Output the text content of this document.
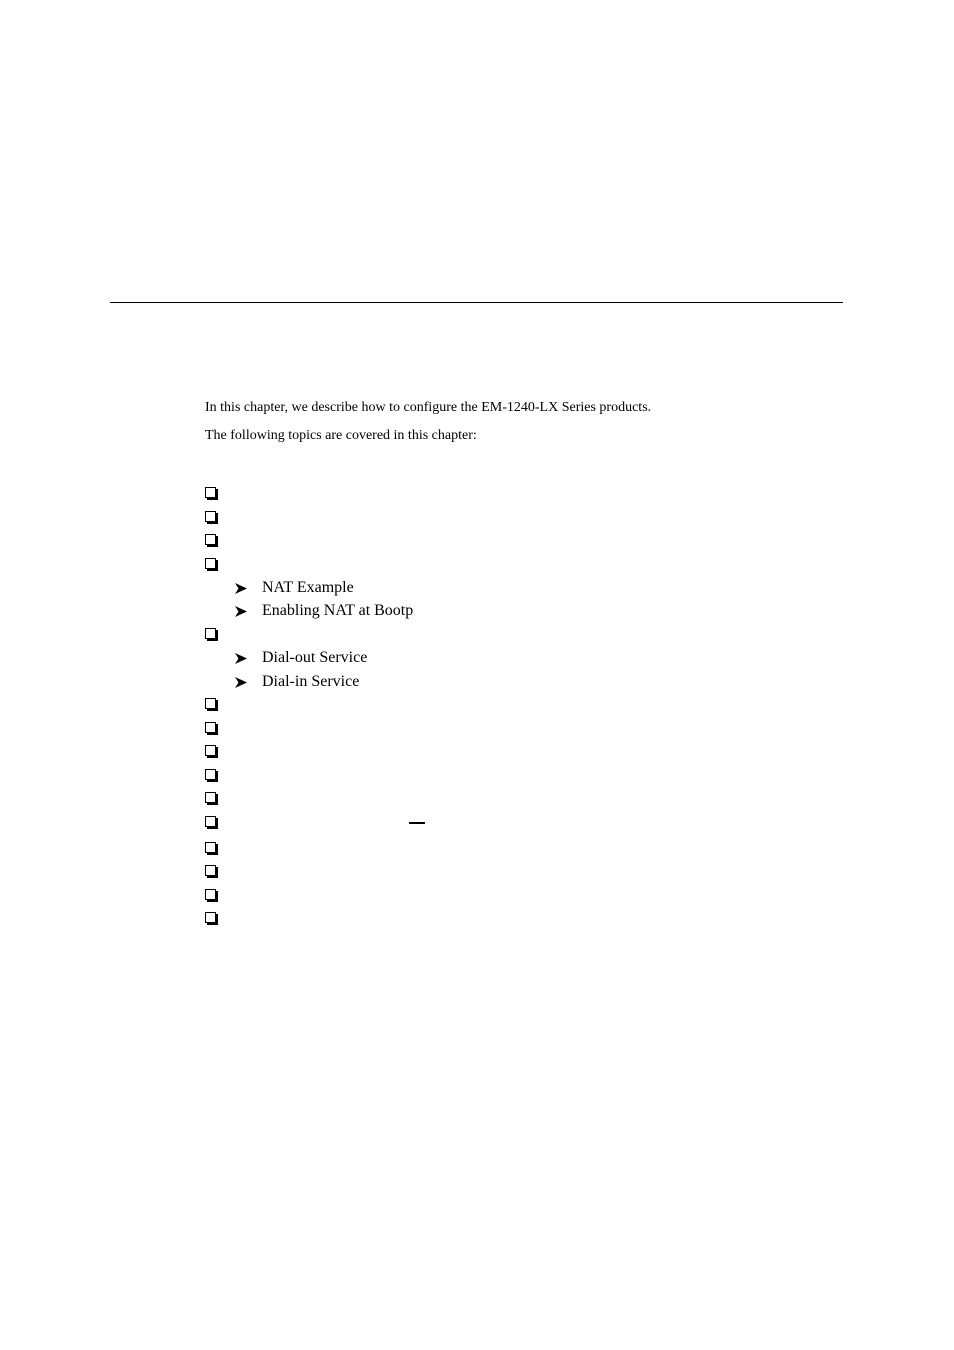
In this chapter, we describe how to configure the EM-1240-LX Series products.
The following topics are covered in this chapter:
NAT Example
Enabling NAT at Bootp
Dial-out Service
Dial-in Service
